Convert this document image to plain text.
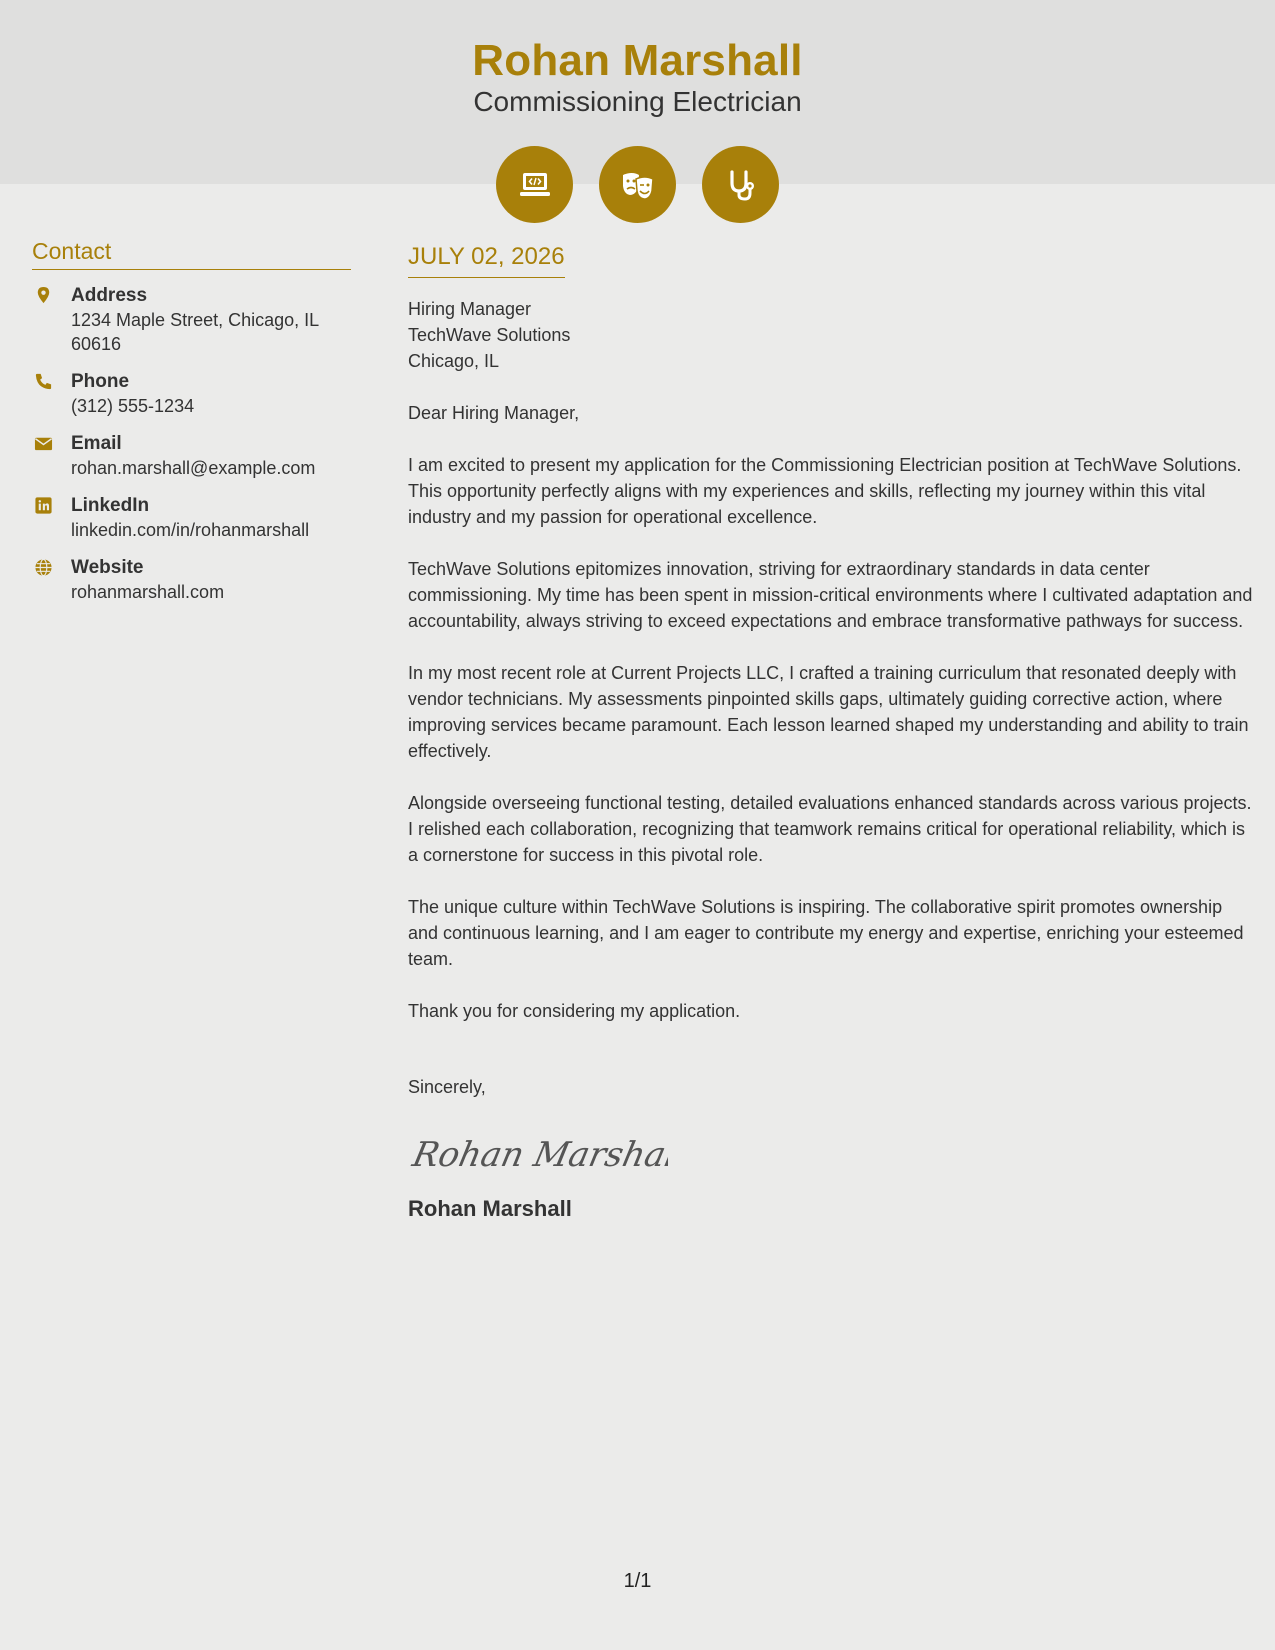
Rohan Marshall
Commissioning Electrician
Contact
Address
1234 Maple Street, Chicago, IL 60616
Phone
(312) 555-1234
Email
rohan.marshall@example.com
LinkedIn
linkedin.com/in/rohanmarshall
Website
rohanmarshall.com
JULY 02, 2026
Hiring Manager
TechWave Solutions
Chicago, IL

Dear Hiring Manager,

I am excited to present my application for the Commissioning Electrician position at TechWave Solutions. This opportunity perfectly aligns with my experiences and skills, reflecting my journey within this vital industry and my passion for operational excellence.

TechWave Solutions epitomizes innovation, striving for extraordinary standards in data center commissioning. My time has been spent in mission-critical environments where I cultivated adaptation and accountability, always striving to exceed expectations and embrace transformative pathways for success.

In my most recent role at Current Projects LLC, I crafted a training curriculum that resonated deeply with vendor technicians. My assessments pinpointed skills gaps, ultimately guiding corrective action, where improving services became paramount. Each lesson learned shaped my understanding and ability to train effectively.

Alongside overseeing functional testing, detailed evaluations enhanced standards across various projects. I relished each collaboration, recognizing that teamwork remains critical for operational reliability, which is a cornerstone for success in this pivotal role.

The unique culture within TechWave Solutions is inspiring. The collaborative spirit promotes ownership and continuous learning, and I am eager to contribute my energy and expertise, enriching your esteemed team.

Thank you for considering my application.

Sincerely,
Rohan Marshall
Rohan Marshall
1/1
